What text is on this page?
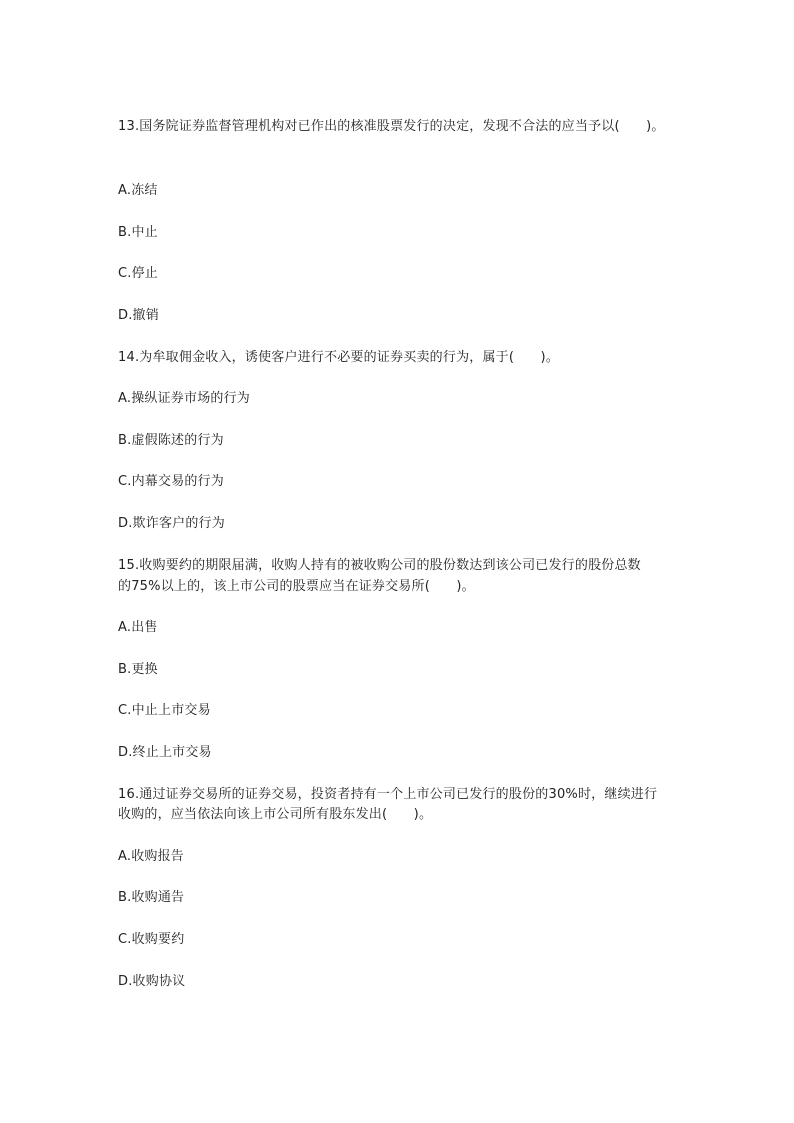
13.国务院证券监督管理机构对已作出的核准股票发行的决定，发现不合法的应当予以(　　)。
A.冻结
B.中止
C.停止
D.撤销
14.为牟取佣金收入，诱使客户进行不必要的证券买卖的行为，属于(　　)。
A.操纵证券市场的行为
B.虚假陈述的行为
C.内幕交易的行为
D.欺诈客户的行为
15.收购要约的期限届满，收购人持有的被收购公司的股份数达到该公司已发行的股份总数
的75%以上的，该上市公司的股票应当在证券交易所(　　)。
A.出售
B.更换
C.中止上市交易
D.终止上市交易
16.通过证券交易所的证券交易，投资者持有一个上市公司已发行的股份的30%时，继续进行
收购的，应当依法向该上市公司所有股东发出(　　)。
A.收购报告
B.收购通告
C.收购要约
D.收购协议
